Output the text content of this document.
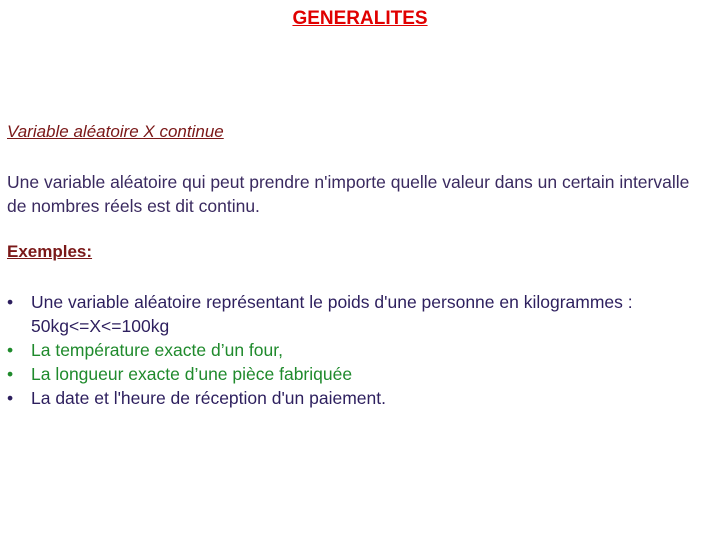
GENERALITES
Variable aléatoire X continue
Une variable aléatoire qui peut prendre n'importe quelle valeur dans un certain intervalle de nombres réels est dit continu.
Exemples:
• Une variable aléatoire représentant le poids d'une personne en kilogrammes : 50kg<=X<=100kg
• La température exacte d’un four,
• La longueur exacte d’une pièce fabriquée
• La date et l'heure de réception d'un paiement.
